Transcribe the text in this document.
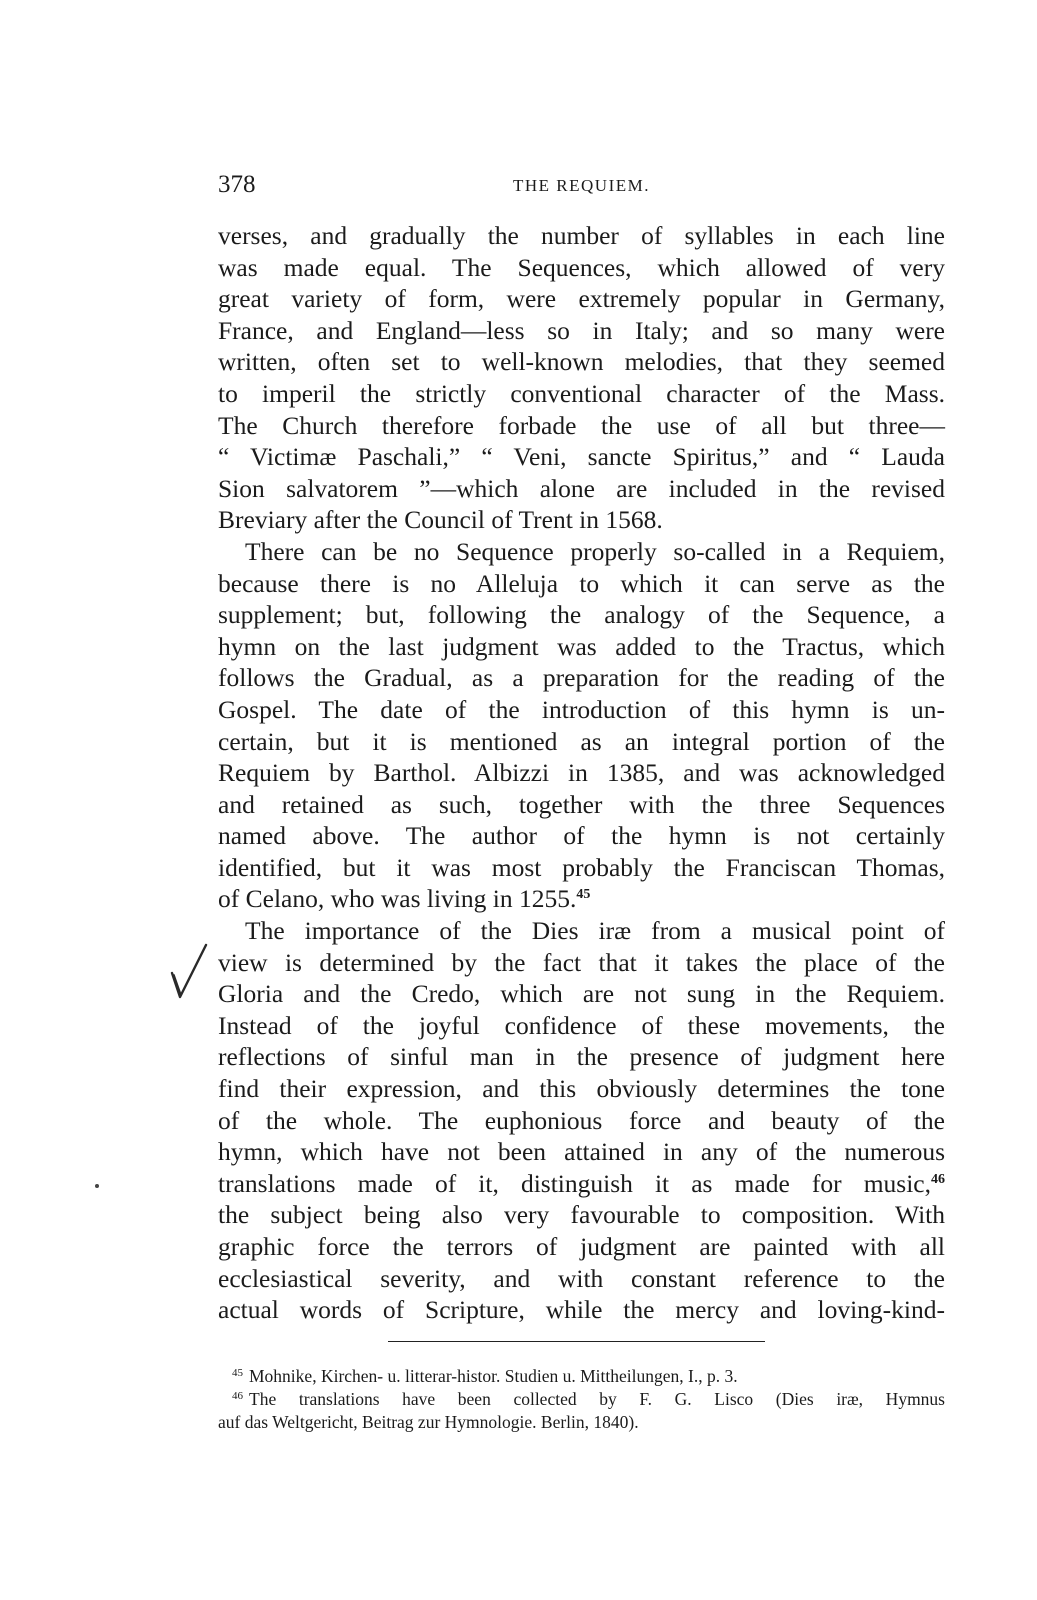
378	THE REQUIEM.
verses, and gradually the number of syllables in each line
was made equal. The Sequences, which allowed of very
great variety of form, were extremely popular in Germany,
France, and England—less so in Italy; and so many were
written, often set to well-known melodies, that they seemed
to imperil the strictly conventional character of the Mass.
The Church therefore forbade the use of all but three—
“ Victimæ Paschali,” “ Veni, sancte Spiritus,” and “ Lauda
Sion salvatorem ”—which alone are included in the revised
Breviary after the Council of Trent in 1568.
There can be no Sequence properly so-called in a Requiem,
because there is no Alleluja to which it can serve as the
supplement; but, following the analogy of the Sequence, a
hymn on the last judgment was added to the Tractus, which
follows the Gradual, as a preparation for the reading of the
Gospel. The date of the introduction of this hymn is un-
certain, but it is mentioned as an integral portion of the
Requiem by Barthol. Albizzi in 1385, and was acknowledged
and retained as such, together with the three Sequences
named above. The author of the hymn is not certainly
identified, but it was most probably the Franciscan Thomas,
of Celano, who was living in 1255.45
The importance of the Dies iræ from a musical point of
view is determined by the fact that it takes the place of the
Gloria and the Credo, which are not sung in the Requiem.
Instead of the joyful confidence of these movements, the
reflections of sinful man in the presence of judgment here
find their expression, and this obviously determines the tone
of the whole. The euphonious force and beauty of the
hymn, which have not been attained in any of the numerous
translations made of it, distinguish it as made for music,$^{46}$
the subject being also very favourable to composition. With
graphic force the terrors of judgment are painted with all
ecclesiastical severity, and with constant reference to the
actual words of Scripture, while the mercy and loving-kind-
$^{45}$ Mohnike, Kirchen- u. litterar-histor. Studien u. Mittheilungen, I., p. 3.
$^{46}$ The translations have been collected by F. G. Lisco (Dies iræ, Hymnus
auf das Weltgericht, Beitrag zur Hymnologie. Berlin, 1840).
